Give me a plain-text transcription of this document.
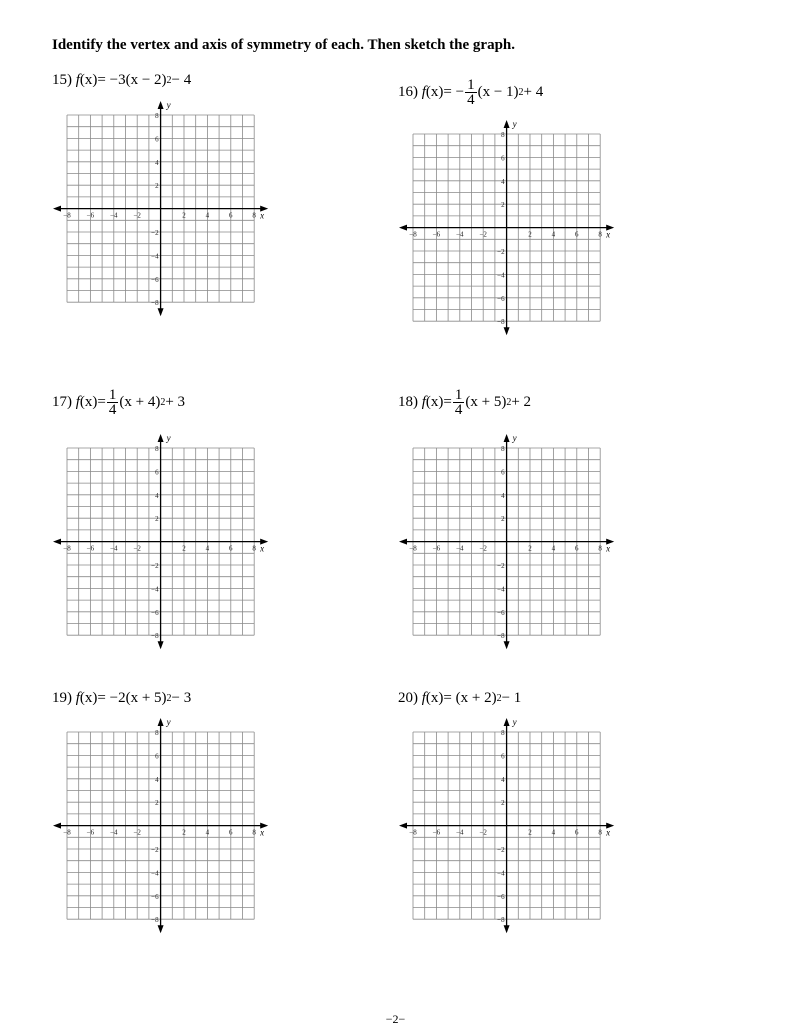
Identify the vertex and axis of symmetry of each. Then sketch the graph.
15)
f (x) = −3(x − 2) 2 − 4
x
y
−8 −6 −4 −2	2	4	6	8
8
6
4
2
−2
−4
−6
−8
16)
f (x) = − $\frac{1}{4} (x - 1) 2 + 4$
x
y
−8 −6 −4 −2	2	4	6	8
8
6
4
2
−2
−4
−6
−8
17)
f $(x) = \frac{1}{4} (x + 4) 2 + 3$
x
y
−8 −6 −4 −2	2	4	6	8
8
6
4
2
−2
−4
−6
−8
18)
f $(x) = \frac{1}{4} (x + 5) 2 + 2$
x
y
−8 −6 −4 −2	2	4	6	8
8
6
4
2
−2
−4
−6
−8
19)
f (x) = −2(x + 5) 2 − 3
x
y
−8 −6 −4 −2	2	4	6	8
8
6
4
2
−2
−4
−6
−8
20)
f (x) = (x + 2) 2 − 1
x
y
−8 −6 −4 −2	2	4	6	8
8
6
4
2
−2
−4
−6
−8
−2−
